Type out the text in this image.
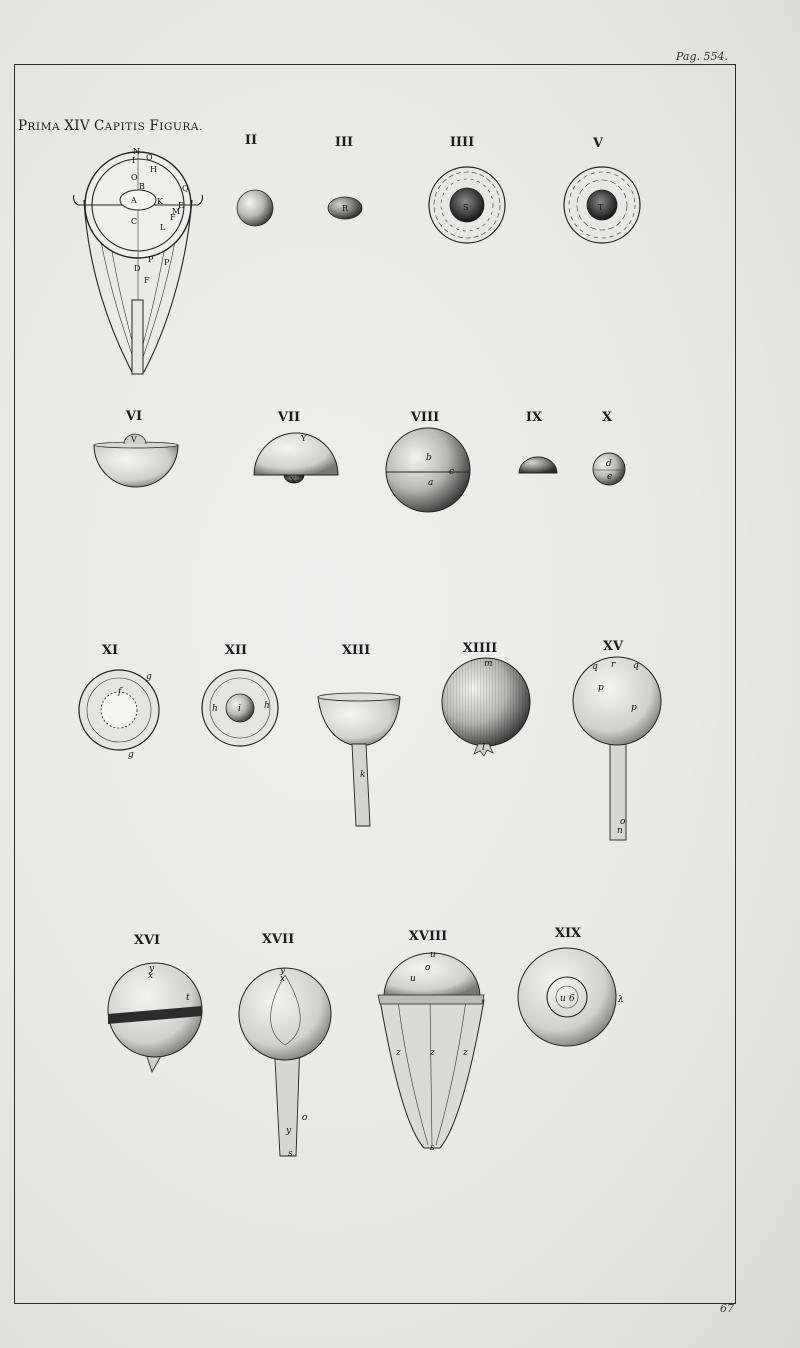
Pag. 554.
PRIMA XIV CAPITIS FIGURA.
II	III	IIII	V
VI	VII	VIII	IX	X
XI	XII	XIII	XIIII	XV
XVI	XVII	XVIII	XIX
N
I O
H
O
B
A	K
C
L
M
Q
E
F
P
D
F
P
R	S	T
V	Y
X
b
a
c
d
e
g
f
g
h i	h
k
m
l
q r q
p
p
o
n
y
x
t
y
x
y
o
s
u
o
u
z	z	z
s
u 6	λ
67
